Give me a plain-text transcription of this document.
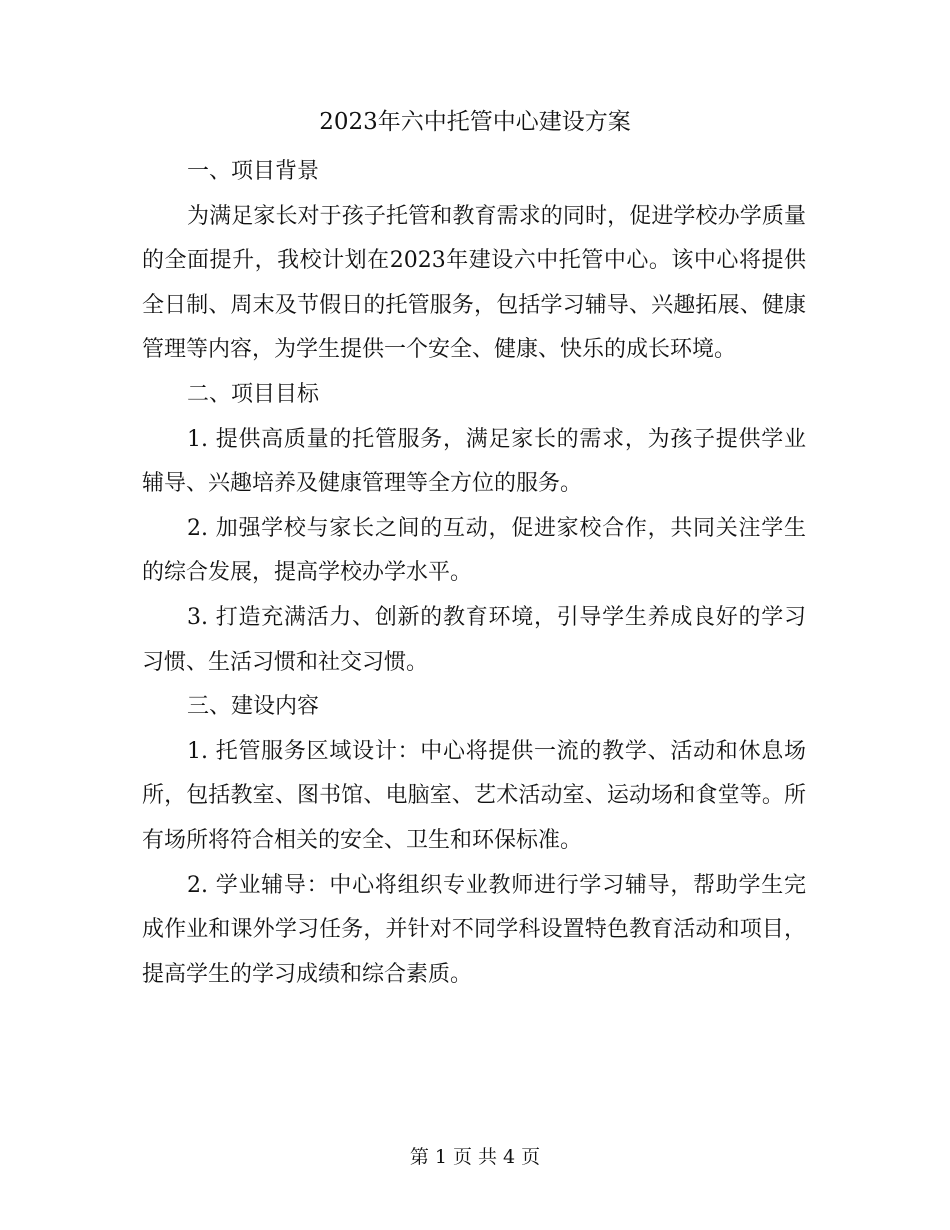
2023年六中托管中心建设方案

一、项目背景

为满足家长对于孩子托管和教育需求的同时，促进学校办学质量的全面提升，我校计划在2023年建设六中托管中心。该中心将提供全日制、周末及节假日的托管服务，包括学习辅导、兴趣拓展、健康管理等内容，为学生提供一个安全、健康、快乐的成长环境。

二、项目目标

1. 提供高质量的托管服务，满足家长的需求，为孩子提供学业辅导、兴趣培养及健康管理等全方位的服务。

2. 加强学校与家长之间的互动，促进家校合作，共同关注学生的综合发展，提高学校办学水平。

3. 打造充满活力、创新的教育环境，引导学生养成良好的学习习惯、生活习惯和社交习惯。

三、建设内容

1. 托管服务区域设计：中心将提供一流的教学、活动和休息场所，包括教室、图书馆、电脑室、艺术活动室、运动场和食堂等。所有场所将符合相关的安全、卫生和环保标准。

2. 学业辅导：中心将组织专业教师进行学习辅导，帮助学生完成作业和课外学习任务，并针对不同学科设置特色教育活动和项目，提高学生的学习成绩和综合素质。

第 1 页 共 4 页
